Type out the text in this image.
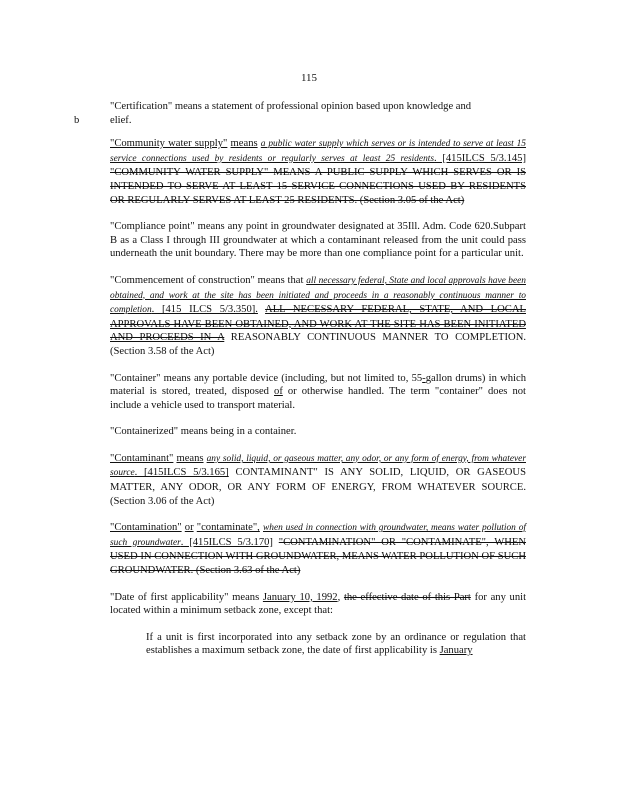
115

"Certification" means a statement of professional opinion based upon knowledge and

b	elief.

"Community water supply" means a public water supply which serves or is intended to serve at least 15 service connections used by residents or regularly serves at least 25 residents. [415ILCS 5/3.145] "COMMUNITY WATER SUPPLY" MEANS A PUBLIC SUPPLY WHICH SERVES OR IS INTENDED TO SERVE AT LEAST 15 SERVICE CONNECTIONS USED BY RESIDENTS OR REGULARLY SERVES AT LEAST 25 RESIDENTS. (Section 3.05 of the Act)

"Compliance point" means any point in groundwater designated at 35Ill. Adm. Code 620.Subpart B as a Class I through III groundwater at which a contaminant released from the unit could pass underneath the unit boundary. There may be more than one compliance point for a particular unit.

"Commencement of construction" means that all necessary federal, State and local approvals have been obtained, and work at the site has been initiated and proceeds in a reasonably continuous manner to completion. [415 ILCS 5/3.350]. ALL NECESSARY FEDERAL, STATE, AND LOCAL APPROVALS HAVE BEEN OBTAINED, AND WORK AT THE SITE HAS BEEN INITIATED AND PROCEEDS IN A REASONABLY CONTINUOUS MANNER TO COMPLETION. (Section 3.58 of the Act)

"Container" means any portable device (including, but not limited to, 55-gallon drums) in which material is stored, treated, disposed of or otherwise handled. The term "container" does not include a vehicle used to transport material.

"Containerized" means being in a container.

"Contaminant" means any solid, liquid, or gaseous matter, any odor, or any form of energy, from whatever source. [415ILCS 5/3.165] CONTAMINANT" IS ANY SOLID, LIQUID, OR GASEOUS MATTER, ANY ODOR, OR ANY FORM OF ENERGY, FROM WHATEVER SOURCE. (Section 3.06 of the Act)

"Contamination" or "contaminate", when used in connection with groundwater, means water pollution of such groundwater. [415ILCS 5/3.170] "CONTAMINATION" OR "CONTAMINATE", WHEN USED IN CONNECTION WITH GROUNDWATER, MEANS WATER POLLUTION OF SUCH GROUNDWATER. (Section 3.63 of the Act)

"Date of first applicability" means January 10, 1992, the effective date of this Part for any unit located within a minimum setback zone, except that:

If a unit is first incorporated into any setback zone by an ordinance or regulation that establishes a maximum setback zone, the date of first applicability is January
